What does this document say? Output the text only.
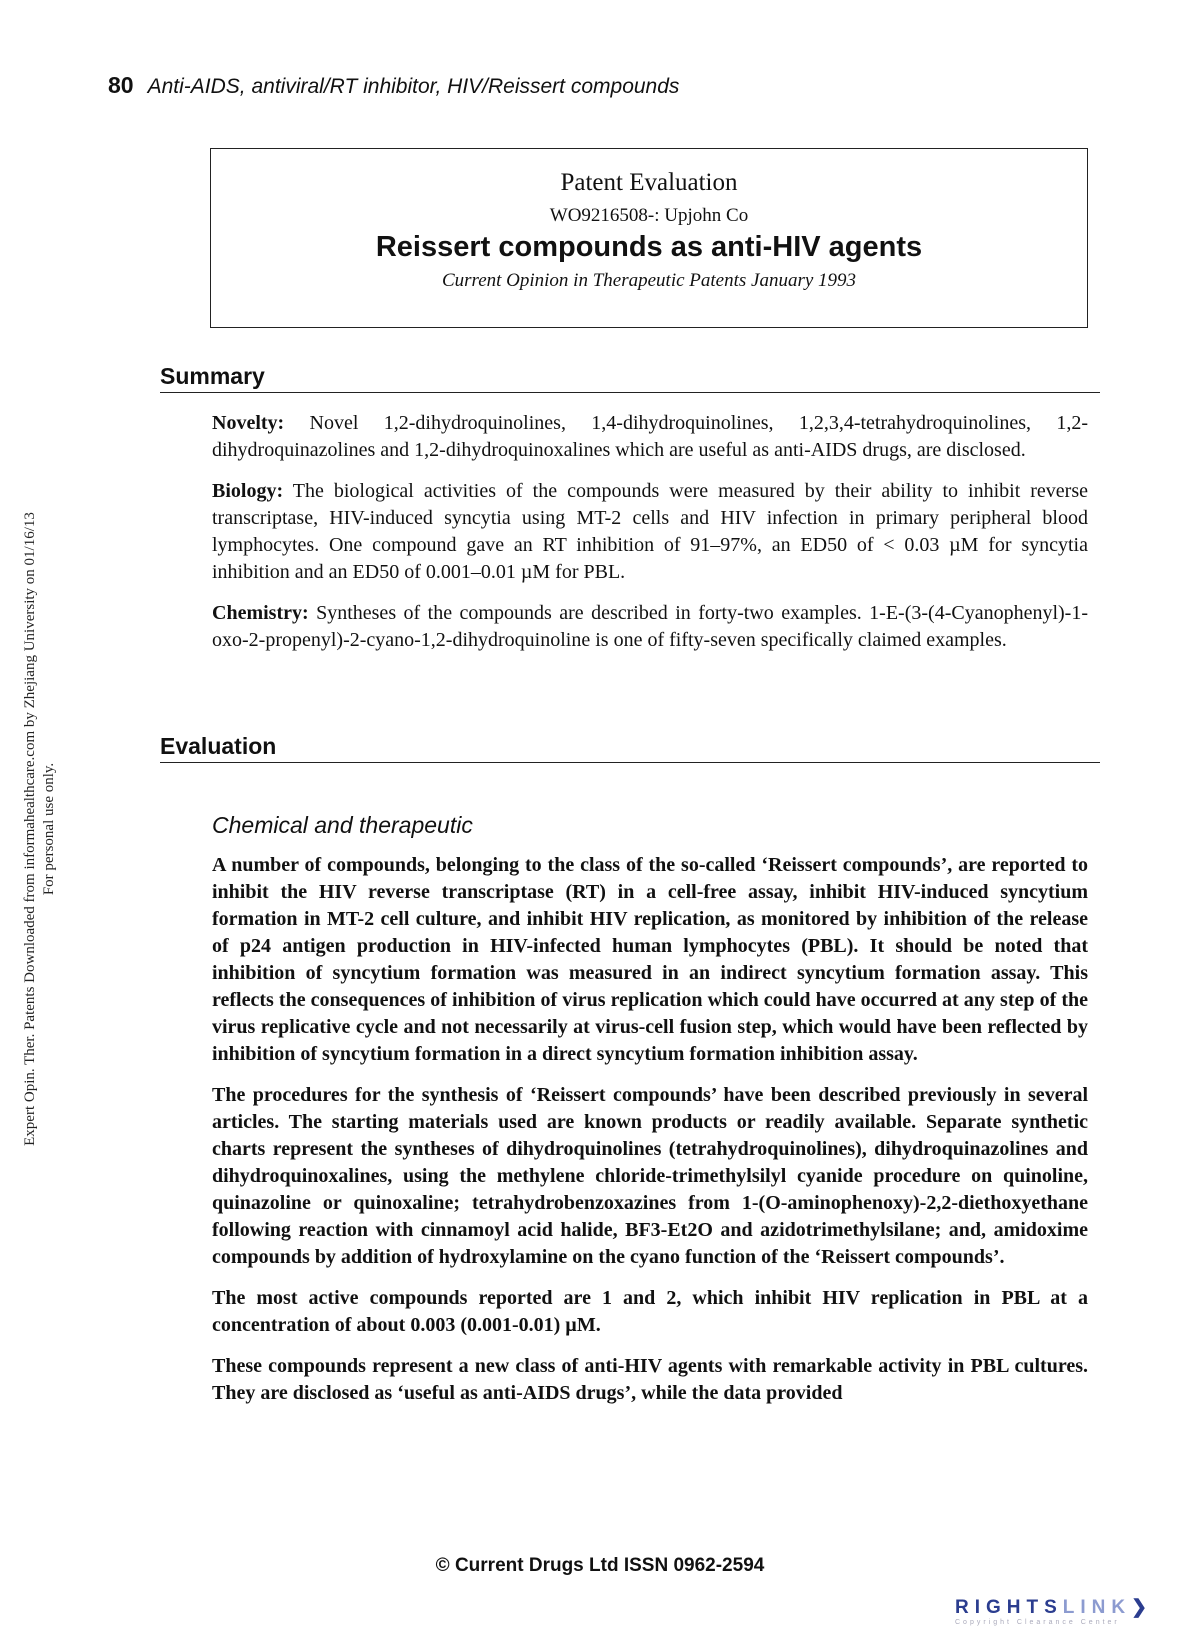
80 Anti-AIDS, antiviral/RT inhibitor, HIV/Reissert compounds
Patent Evaluation
WO9216508-: Upjohn Co
Reissert compounds as anti-HIV agents
Current Opinion in Therapeutic Patents January 1993
Summary

Novelty: Novel 1,2-dihydroquinolines, 1,4-dihydroquinolines, 1,2,3,4-tetrahydroquinolines, 1,2-dihydroquinazolines and 1,2-dihydroquinoxalines which are useful as anti-AIDS drugs, are disclosed.

Biology: The biological activities of the compounds were measured by their ability to inhibit reverse transcriptase, HIV-induced syncytia using MT-2 cells and HIV infection in primary peripheral blood lymphocytes. One compound gave an RT inhibition of 91–97%, an ED50 of < 0.03 µM for syncytia inhibition and an ED50 of 0.001–0.01 µM for PBL.

Chemistry: Syntheses of the compounds are described in forty-two examples. 1-E-(3-(4-Cyanophenyl)-1-oxo-2-propenyl)-2-cyano-1,2-dihydroquinoline is one of fifty-seven specifically claimed examples.

Evaluation
Chemical and therapeutic

A number of compounds, belonging to the class of the so-called ‘Reissert compounds’, are reported to inhibit the HIV reverse transcriptase (RT) in a cell-free assay, inhibit HIV-induced syncytium formation in MT-2 cell culture, and inhibit HIV replication, as monitored by inhibition of the release of p24 antigen production in HIV-infected human lymphocytes (PBL). It should be noted that inhibition of syncytium formation was measured in an indirect syncytium formation assay. This reflects the consequences of inhibition of virus replication which could have occurred at any step of the virus replicative cycle and not necessarily at virus-cell fusion step, which would have been reflected by inhibition of syncytium formation in a direct syncytium formation inhibition assay.

The procedures for the synthesis of ‘Reissert compounds’ have been described previously in several articles. The starting materials used are known products or readily available. Separate synthetic charts represent the syntheses of dihydroquinolines (tetrahydroquinolines), dihydroquinazolines and dihydroquinoxalines, using the methylene chloride-trimethylsilyl cyanide procedure on quinoline, quinazoline or quinoxaline; tetrahydrobenzoxazines from 1-(O-aminophenoxy)-2,2-diethoxyethane following reaction with cinnamoyl acid halide, BF3-Et2O and azidotrimethylsilane; and, amidoxime compounds by addition of hydroxylamine on the cyano function of the ‘Reissert compounds’.

The most active compounds reported are 1 and 2, which inhibit HIV replication in PBL at a concentration of about 0.003 (0.001-0.01) µM.

These compounds represent a new class of anti-HIV agents with remarkable activity in PBL cultures. They are disclosed as ‘useful as anti-AIDS drugs’, while the data provided

© Current Drugs Ltd ISSN 0962-2594
Expert Opin. Ther. Patents Downloaded from informahealthcare.com by Zhejiang University on 01/16/13 For personal use only.
RIGHTSLINK❯
Copyright Clearance Center
